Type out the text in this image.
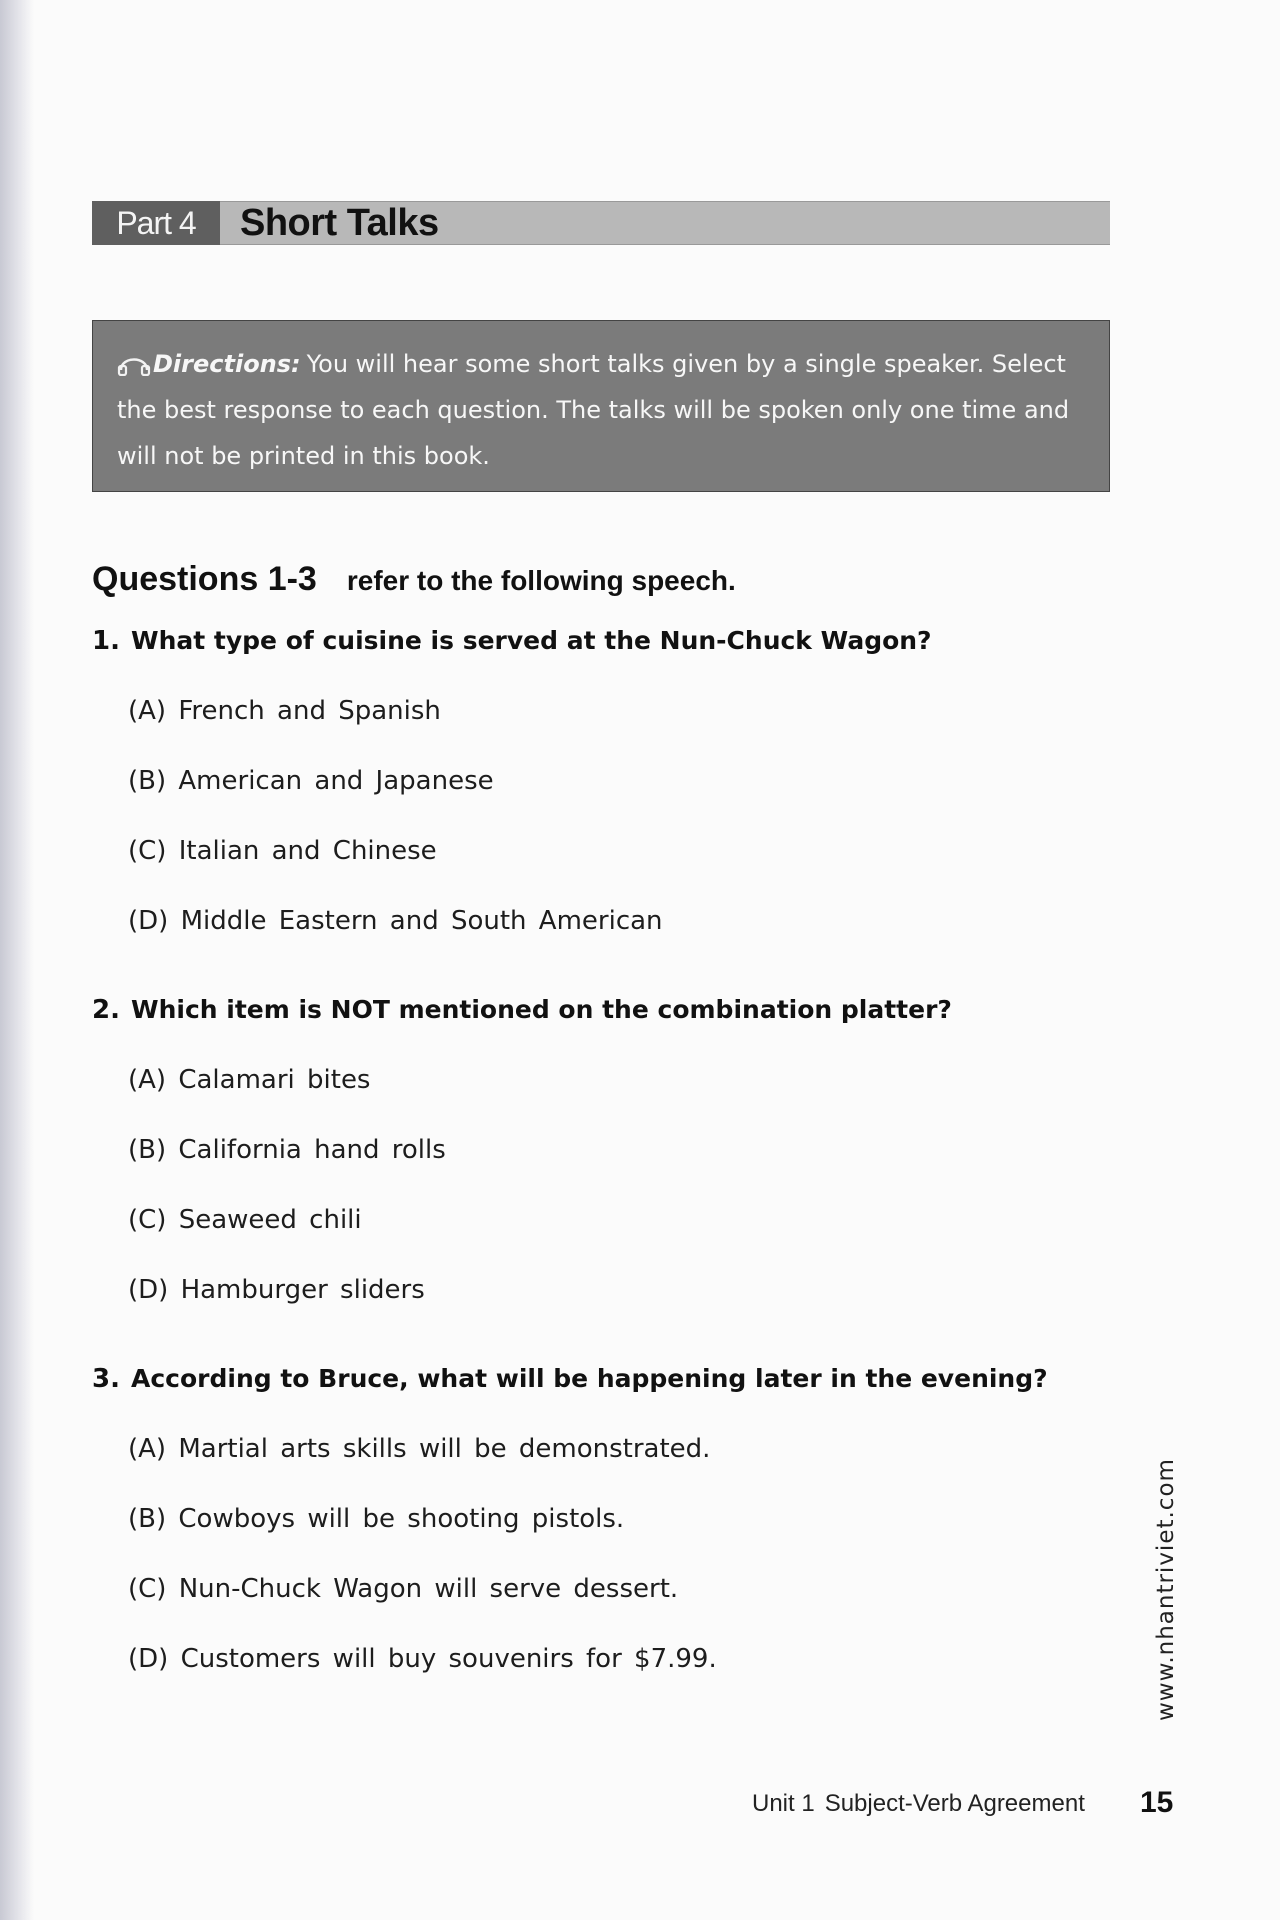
Part 4	Short Talks
Directions: You will hear some short talks given by a single speaker. Select the best response to each question. The talks will be spoken only one time and will not be printed in this book.
Questions 1-3 refer to the following speech.
1. What type of cuisine is served at the Nun-Chuck Wagon?
(A) French and Spanish
(B) American and Japanese
(C) Italian and Chinese
(D) Middle Eastern and South American
2. Which item is NOT mentioned on the combination platter?
(A) Calamari bites
(B) California hand rolls
(C) Seaweed chili
(D) Hamburger sliders
3. According to Bruce, what will be happening later in the evening?
(A) Martial arts skills will be demonstrated.
(B) Cowboys will be shooting pistols.
(C) Nun-Chuck Wagon will serve dessert.
(D) Customers will buy souvenirs for $7.99.	www.nhantriviet.com
Unit 1 Subject-Verb Agreement 15
